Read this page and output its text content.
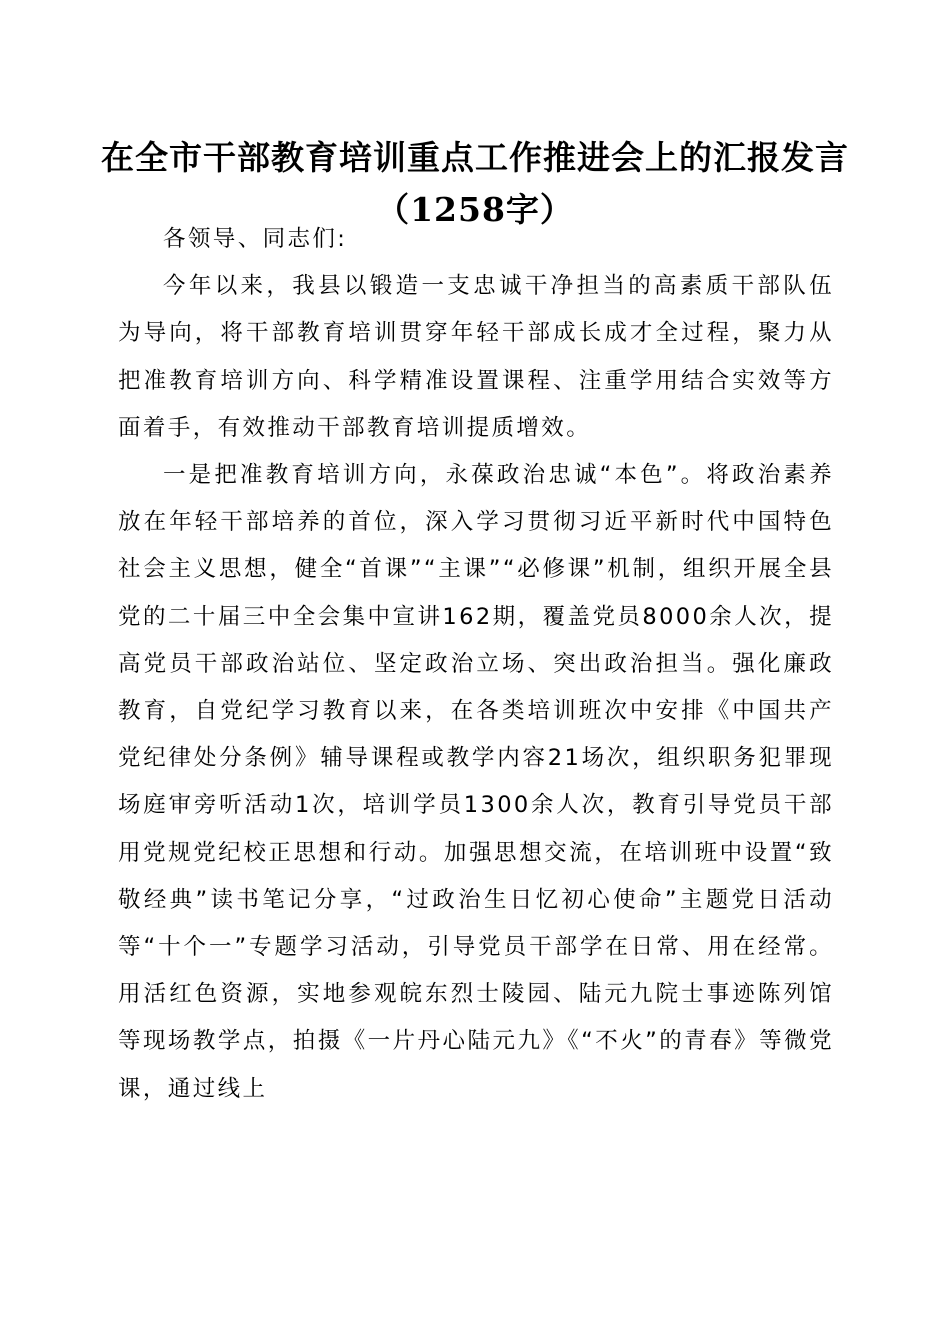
在全市干部教育培训重点工作推进会上的汇报发言（1258字）

各领导、同志们:

今年以来，我县以锻造一支忠诚干净担当的高素质干部队伍为导向，将干部教育培训贯穿年轻干部成长成才全过程，聚力从把准教育培训方向、科学精准设置课程、注重学用结合实效等方面着手，有效推动干部教育培训提质增效。

一是把准教育培训方向，永葆政治忠诚“本色”。将政治素养放在年轻干部培养的首位，深入学习贯彻习近平新时代中国特色社会主义思想，健全“首课”“主课”“必修课”机制，组织开展全县党的二十届三中全会集中宣讲162期，覆盖党员8000余人次，提高党员干部政治站位、坚定政治立场、突出政治担当。强化廉政教育，自党纪学习教育以来，在各类培训班次中安排《中国共产党纪律处分条例》辅导课程或教学内容21场次，组织职务犯罪现场庭审旁听活动1次，培训学员1300余人次，教育引导党员干部用党规党纪校正思想和行动。加强思想交流，在培训班中设置“致敬经典”读书笔记分享，“过政治生日忆初心使命”主题党日活动等“十个一”专题学习活动，引导党员干部学在日常、用在经常。用活红色资源，实地参观皖东烈士陵园、陆元九院士事迹陈列馆等现场教学点，拍摄《一片丹心陆元九》《“不火”的青春》等微党课，通过线上
